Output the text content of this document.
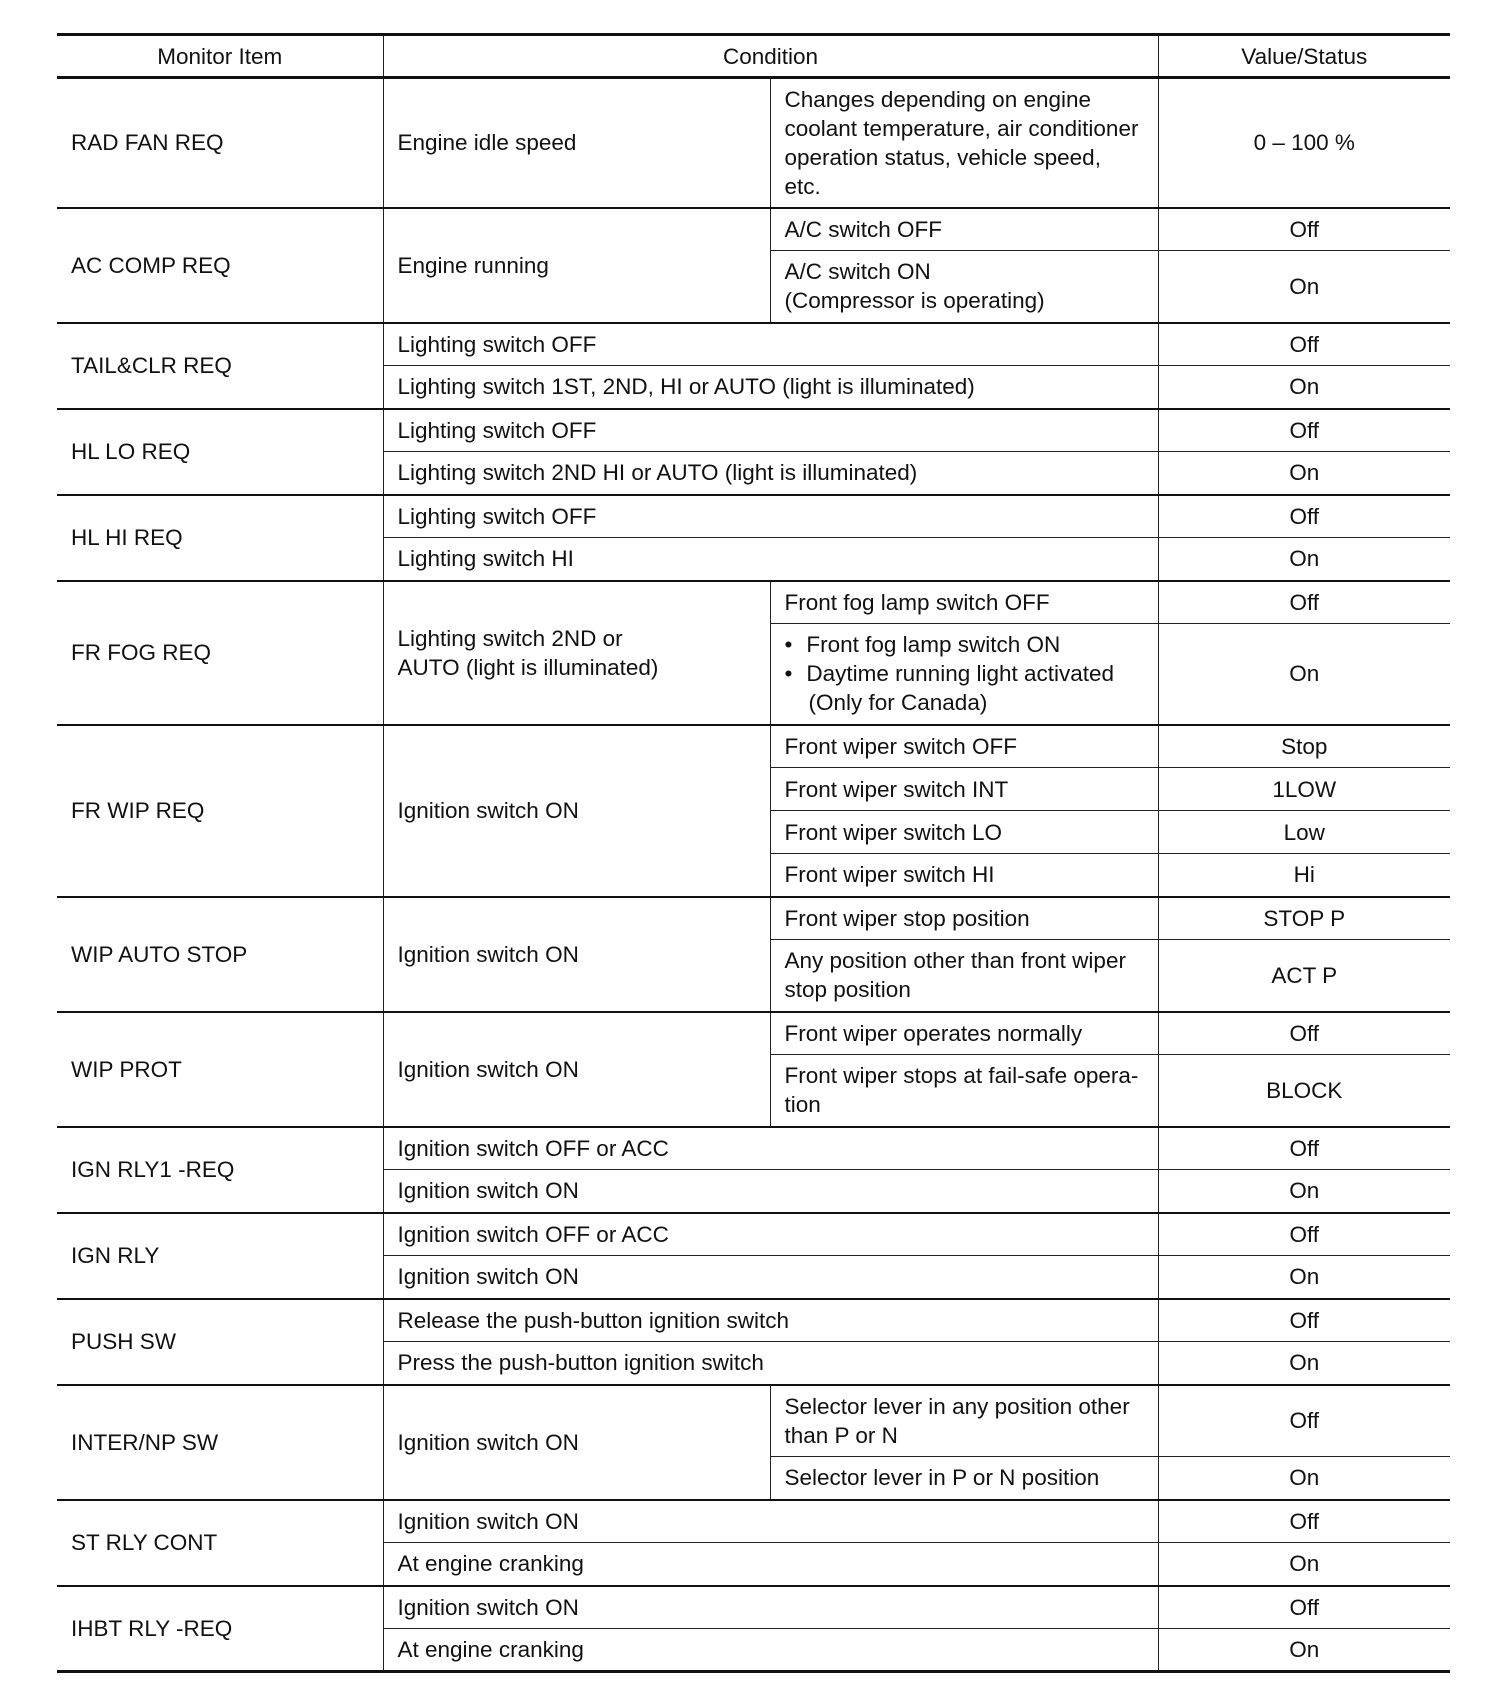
Monitor Item	Condition		Value/Status
RAD FAN REQ	Engine idle speed	Changes depending on engine
coolant temperature, air conditioner
operation status, vehicle speed,
etc.	0 – 100 %
AC COMP REQ	Engine running	A/C switch OFF	Off

		A/C switch ON
(Compressor is operating)	On
TAIL&CLR REQ	Lighting switch OFF		Off
	Lighting switch 1ST, 2ND, HI or AUTO (light is illuminated)		On
HL LO REQ	Lighting switch OFF		Off
	Lighting switch 2ND HI or AUTO (light is illuminated)		On
HL HI REQ	Lighting switch OFF		Off
	Lighting switch HI		On
FR FOG REQ	Lighting switch 2ND or
AUTO (light is illuminated)	Front fog lamp switch OFF	Off

		• Front fog lamp switch ON
• Daytime running light activated
(Only for Canada)	On
FR WIP REQ	Ignition switch ON	Front wiper switch OFF	Stop
		Front wiper switch INT	1LOW
		Front wiper switch LO	Low
		Front wiper switch HI	Hi
WIP AUTO STOP	Ignition switch ON	Front wiper stop position	STOP P

		Any position other than front wiper
stop position	ACT P
WIP PROT	Ignition switch ON	Front wiper operates normally	Off

		Front wiper stops at fail-safe opera-
tion	BLOCK
IGN RLY1 -REQ	Ignition switch OFF or ACC		Off
	Ignition switch ON		On
IGN RLY	Ignition switch OFF or ACC		Off
	Ignition switch ON		On
PUSH SW	Release the push-button ignition switch		Off
	Press the push-button ignition switch		On
INTER/NP SW	Ignition switch ON	Selector lever in any position other
than P or N	Off
		Selector lever in P or N position	On
ST RLY CONT	Ignition switch ON		Off
	At engine cranking		On
IHBT RLY -REQ	Ignition switch ON		Off
	At engine cranking		On
